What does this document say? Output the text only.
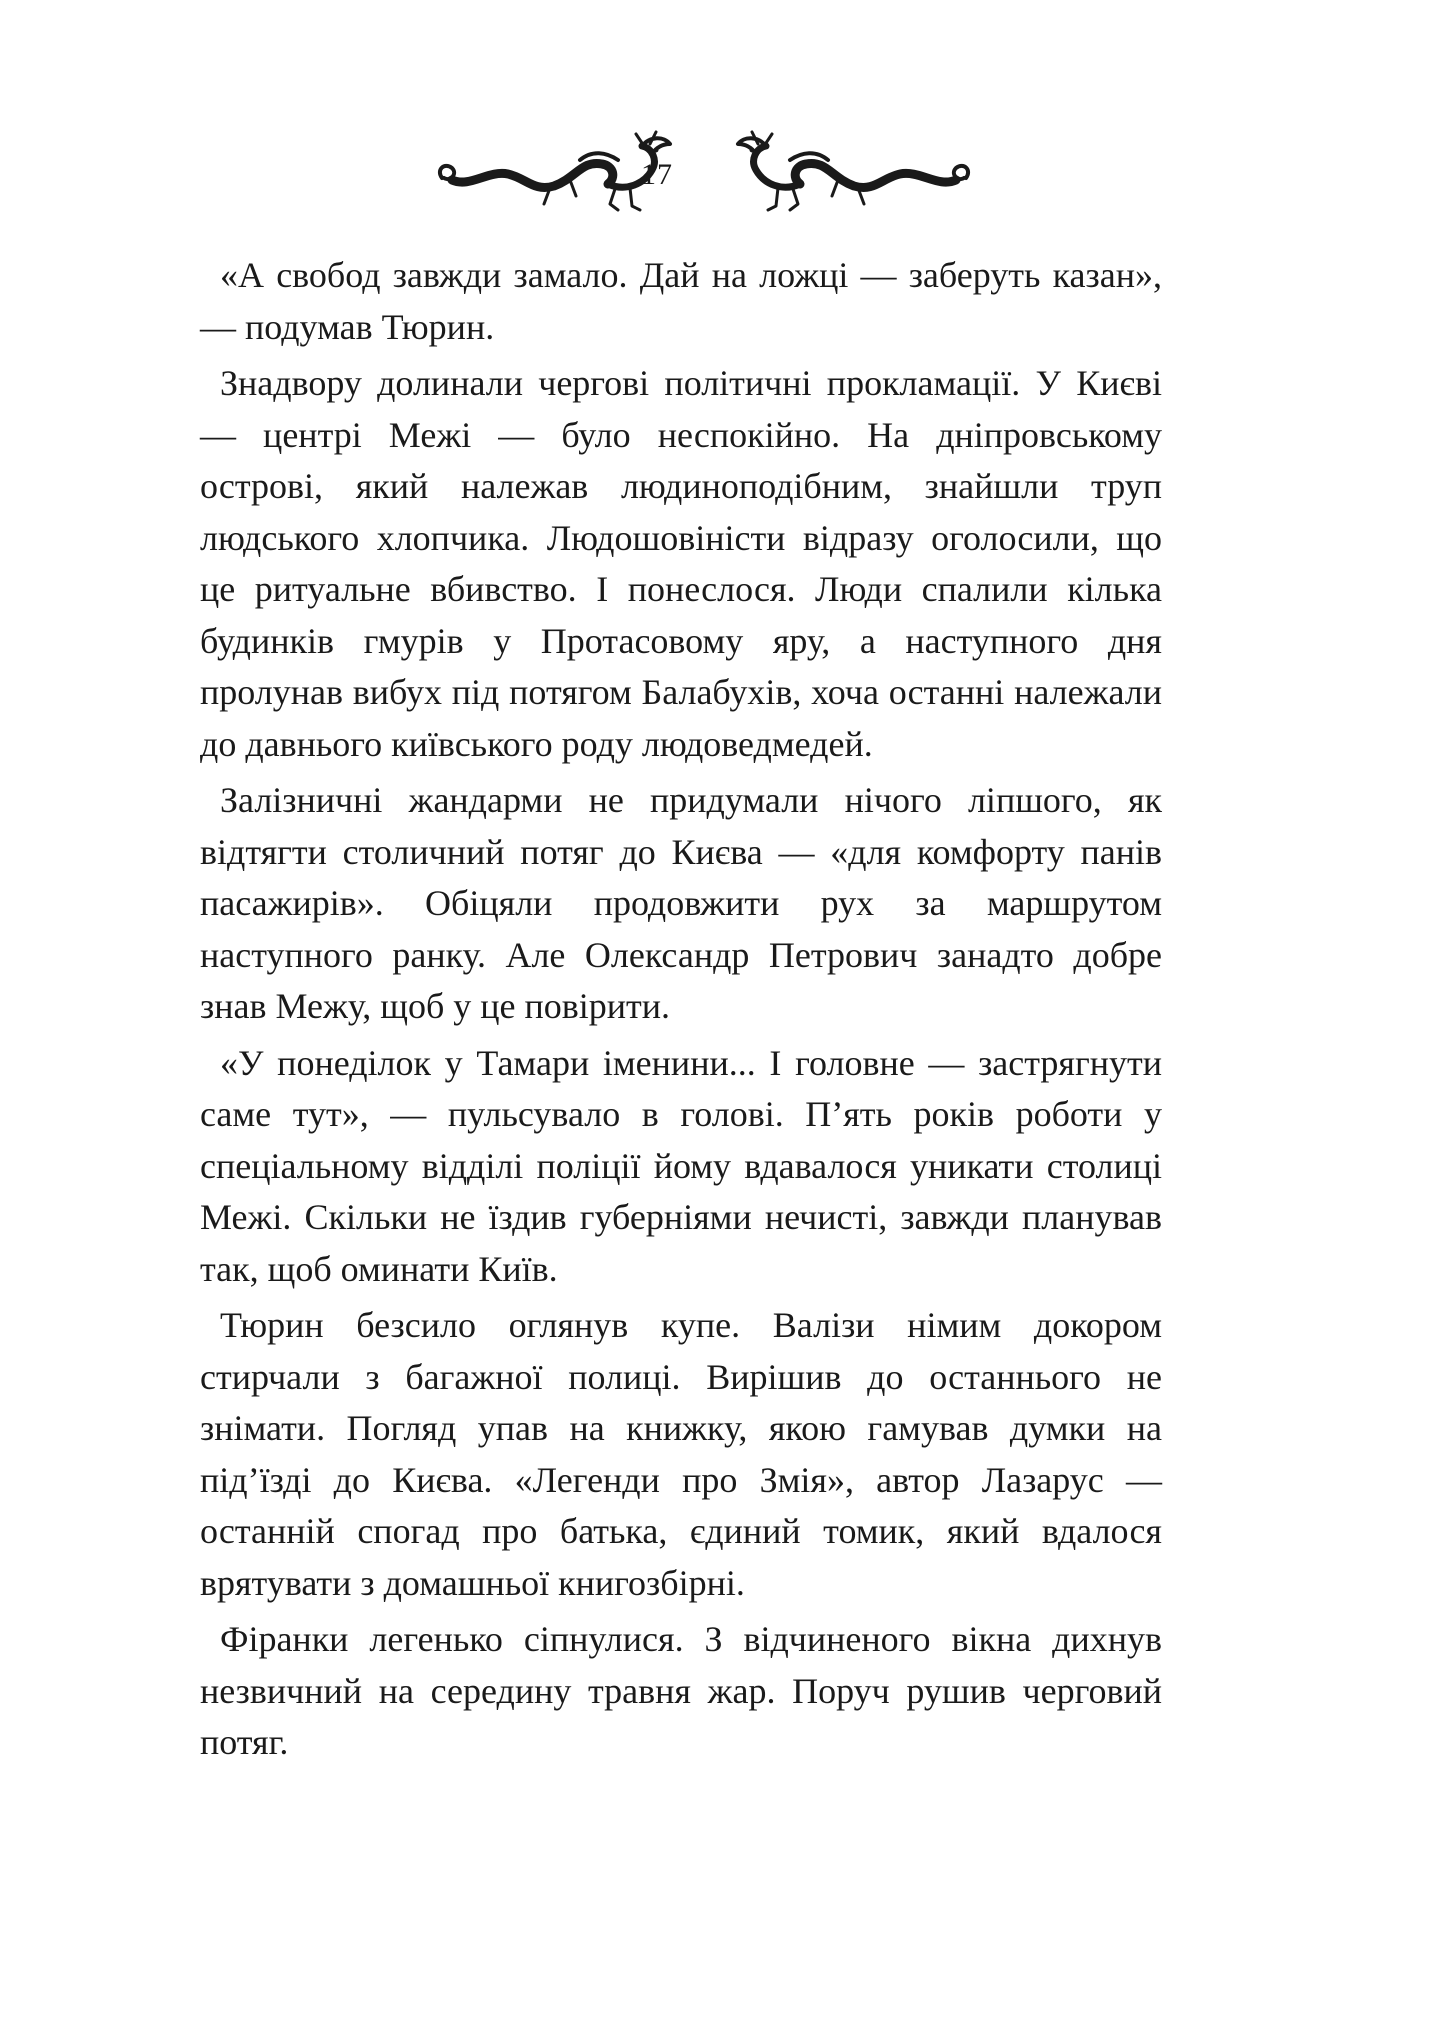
17

«А свобод завжди замало. Дай на ложці — заберуть казан», — подумав Тюрин.

Знадвору долинали чергові політичні прокламації. У Києві — центрі Межі — було неспокійно. На дніпровському острові, який належав людиноподібним, знайшли труп людського хлопчика. Людошовіністи відразу оголосили, що це ритуальне вбивство. І понеслося. Люди спалили кілька будинків гмурів у Протасовому яру, а наступного дня пролунав вибух під потягом Балабухів, хоча останні належали до давнього київського роду людоведмедей.

Залізничні жандарми не придумали нічого ліпшого, як відтягти столичний потяг до Києва — «для комфорту панів пасажирів». Обіцяли продовжити рух за маршрутом наступного ранку. Але Олександр Петрович занадто добре знав Межу, щоб у це повірити.

«У понеділок у Тамари іменини... І головне — застрягнути саме тут», — пульсувало в голові. П’ять років роботи у спеціальному відділі поліції йому вдавалося уникати столиці Межі. Скільки не їздив губерніями нечисті, завжди планував так, щоб оминати Київ.

Тюрин безсило оглянув купе. Валізи німим докором стирчали з багажної полиці. Вирішив до останнього не знімати. Погляд упав на книжку, якою гамував думки на під’їзді до Києва. «Легенди про Змія», автор Лазарус — останній спогад про батька, єдиний томик, який вдалося врятувати з домашньої книгозбірні.

Фіранки легенько сіпнулися. З відчиненого вікна дихнув незвичний на середину травня жар. Поруч рушив черговий потяг.
